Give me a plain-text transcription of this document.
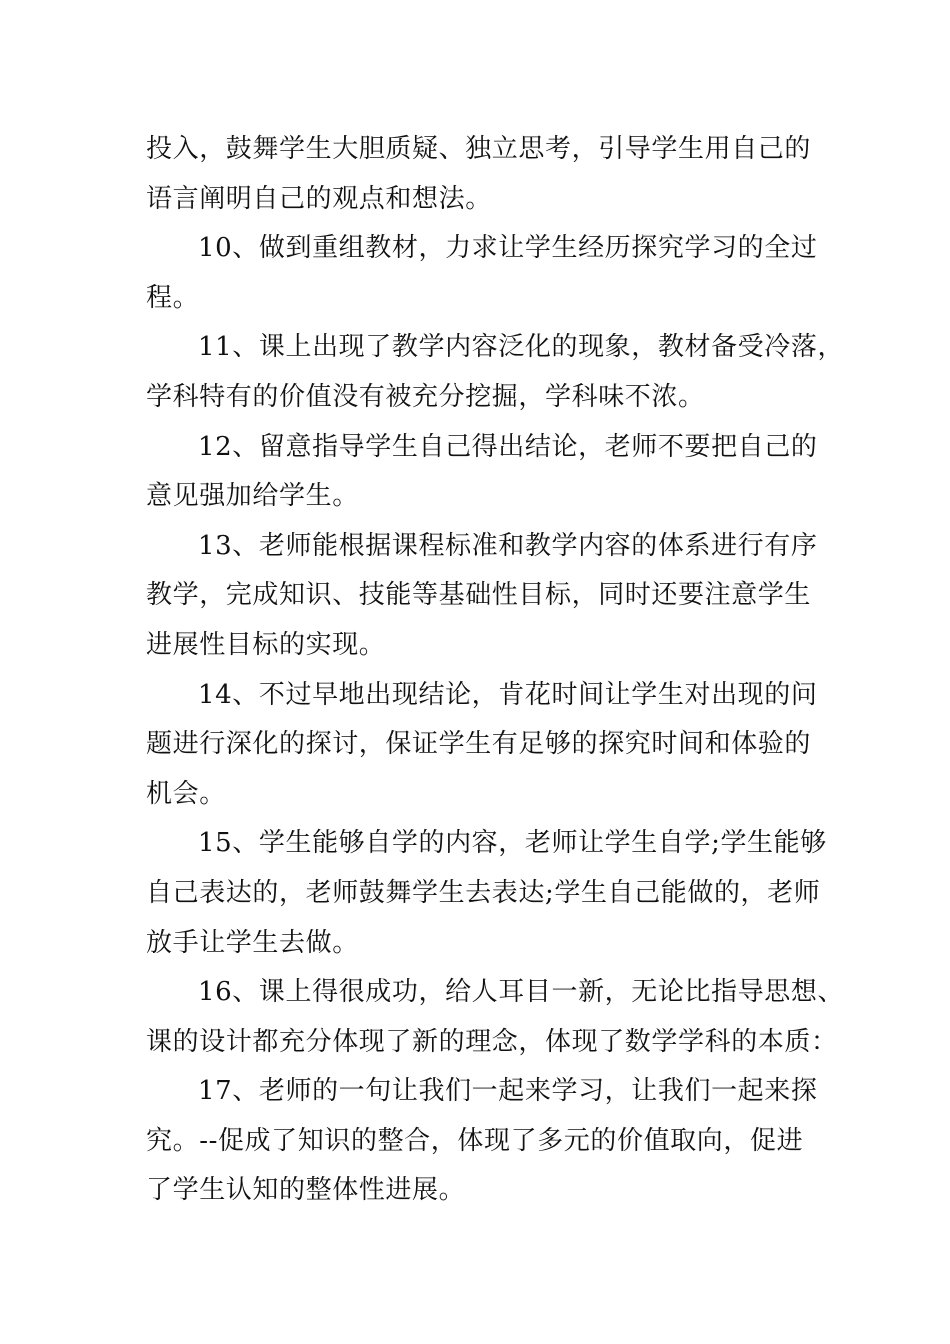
投入，鼓舞学生大胆质疑、独立思考，引导学生用自己的
语言阐明自己的观点和想法。

10、做到重组教材，力求让学生经历探究学习的全过
程。

11、课上出现了教学内容泛化的现象，教材备受冷落，
学科特有的价值没有被充分挖掘，学科味不浓。

12、留意指导学生自己得出结论，老师不要把自己的
意见强加给学生。

13、老师能根据课程标准和教学内容的体系进行有序
教学，完成知识、技能等基础性目标，同时还要注意学生
进展性目标的实现。

14、不过早地出现结论，肯花时间让学生对出现的问
题进行深化的探讨，保证学生有足够的探究时间和体验的
机会。

15、学生能够自学的内容，老师让学生自学;学生能够
自己表达的，老师鼓舞学生去表达;学生自己能做的，老师
放手让学生去做。

16、课上得很成功，给人耳目一新，无论比指导思想、
课的设计都充分体现了新的理念，体现了数学学科的本质：

17、老师的一句让我们一起来学习，让我们一起来探
究。--促成了知识的整合，体现了多元的价值取向，促进
了学生认知的整体性进展。
